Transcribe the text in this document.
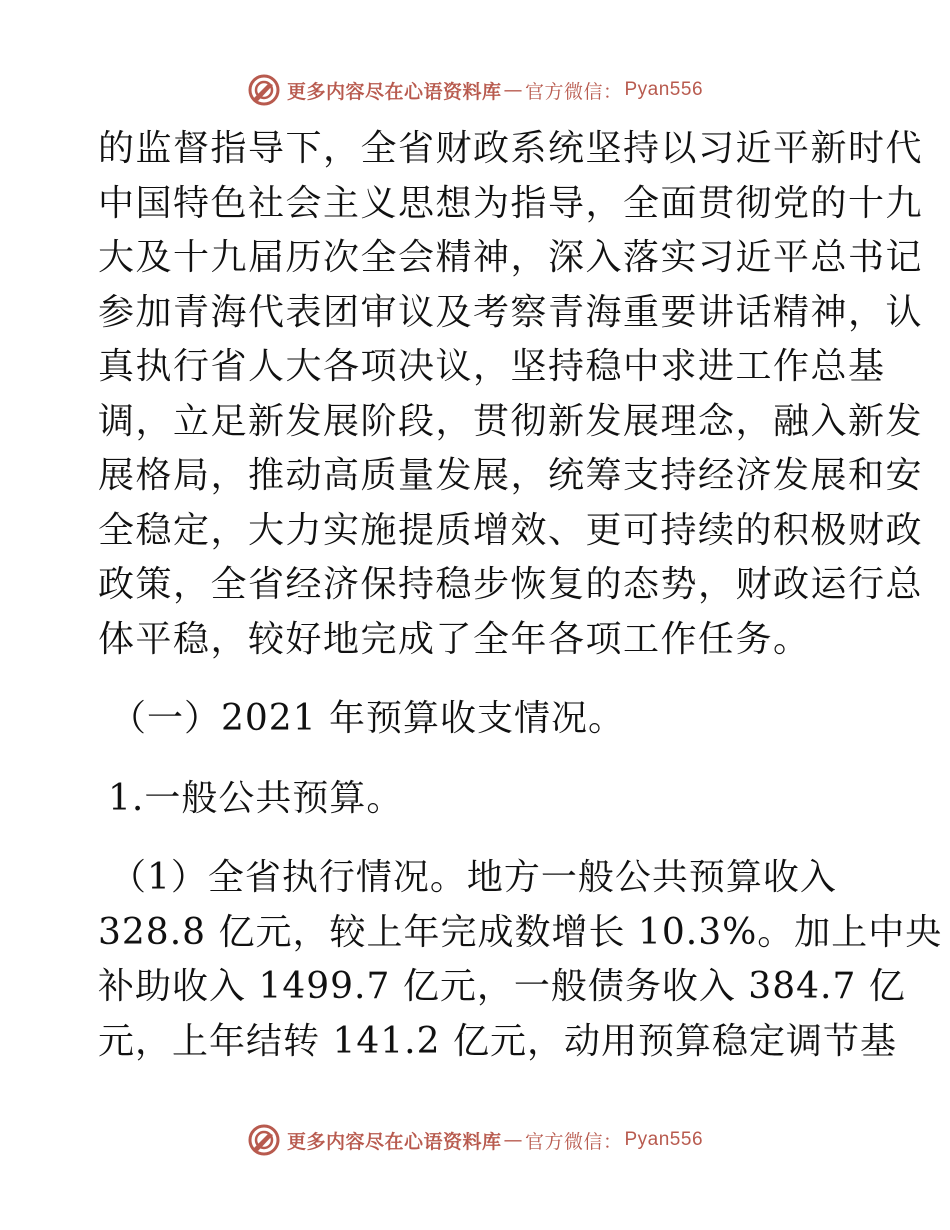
更多内容尽在心语资料库 — 官方微信： Pyan556
的监督指导下，全省财政系统坚持以习近平新时代
中国特色社会主义思想为指导，全面贯彻党的十九
大及十九届历次全会精神，深入落实习近平总书记
参加青海代表团审议及考察青海重要讲话精神，认
真执行省人大各项决议，坚持稳中求进工作总基
调，立足新发展阶段，贯彻新发展理念，融入新发
展格局，推动高质量发展，统筹支持经济发展和安
全稳定，大力实施提质增效、更可持续的积极财政
政策，全省经济保持稳步恢复的态势，财政运行总
体平稳，较好地完成了全年各项工作任务。
（一）2021 年预算收支情况。
1.一般公共预算。
（1）全省执行情况。地方一般公共预算收入
328.8 亿元，较上年完成数增长 10.3%。加上中央
补助收入 1499.7 亿元，一般债务收入 384.7 亿
元，上年结转 141.2 亿元，动用预算稳定调节基
更多内容尽在心语资料库 — 官方微信： Pyan556
